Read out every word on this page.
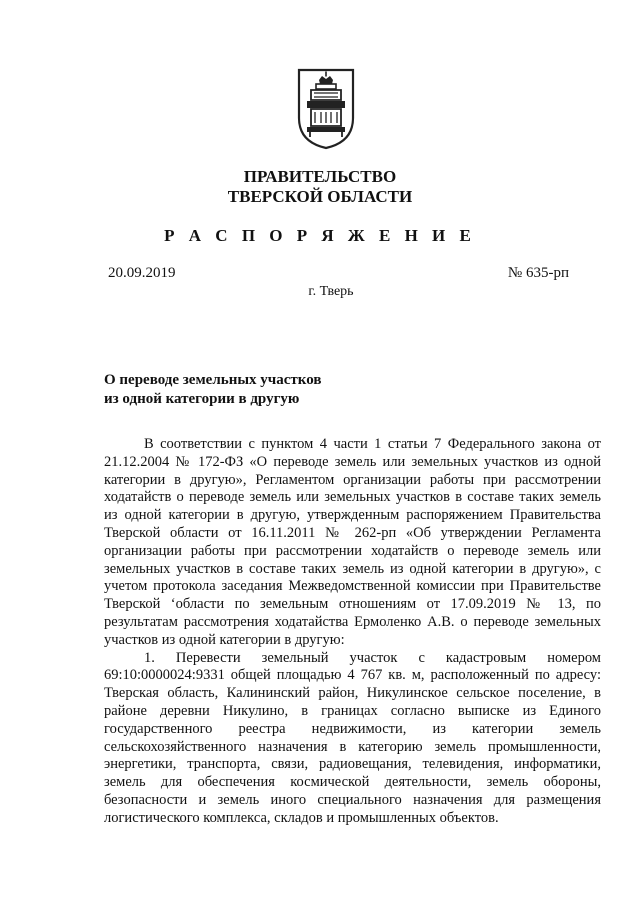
ПРАВИТЕЛЬСТВО
ТВЕРСКОЙ ОБЛАСТИ
Р А С П О Р Я Ж Е Н И Е
20.09.2019	№ 635-рп
г. Тверь
О переводе земельных участков
из одной категории в другую

В соответствии с пунктом 4 части 1 статьи 7 Федерального закона от 21.12.2004 № 172-ФЗ «О переводе земель или земельных участков из одной категории в другую», Регламентом организации работы при рассмотрении ходатайств о переводе земель или земельных участков в составе таких земель из одной категории в другую, утвержденным распоряжением Правительства Тверской области от 16.11.2011 № 262-рп «Об утверждении Регламента организации работы при рассмотрении ходатайств о переводе земель или земельных участков в составе таких земель из одной категории в другую», с учетом протокола заседания Межведомственной комиссии при Правительстве Тверской ‘области по земельным отношениям от 17.09.2019 № 13, по результатам рассмотрения ходатайства Ермоленко А.В. о переводе земельных участков из одной категории в другую:

1. Перевести земельный участок с кадастровым номером 69:10:0000024:9331 общей площадью 4 767 кв. м, расположенный по адресу: Тверская область, Калининский район, Никулинское сельское поселение, в районе деревни Никулино, в границах согласно выписке из Единого государственного реестра недвижимости, из категории земель сельскохозяйственного назначения в категорию земель промышленности, энергетики, транспорта, связи, радиовещания, телевидения, информатики, земель для обеспечения космической деятельности, земель обороны, безопасности и земель иного специального назначения для размещения логистического комплекса, складов и промышленных объектов.
